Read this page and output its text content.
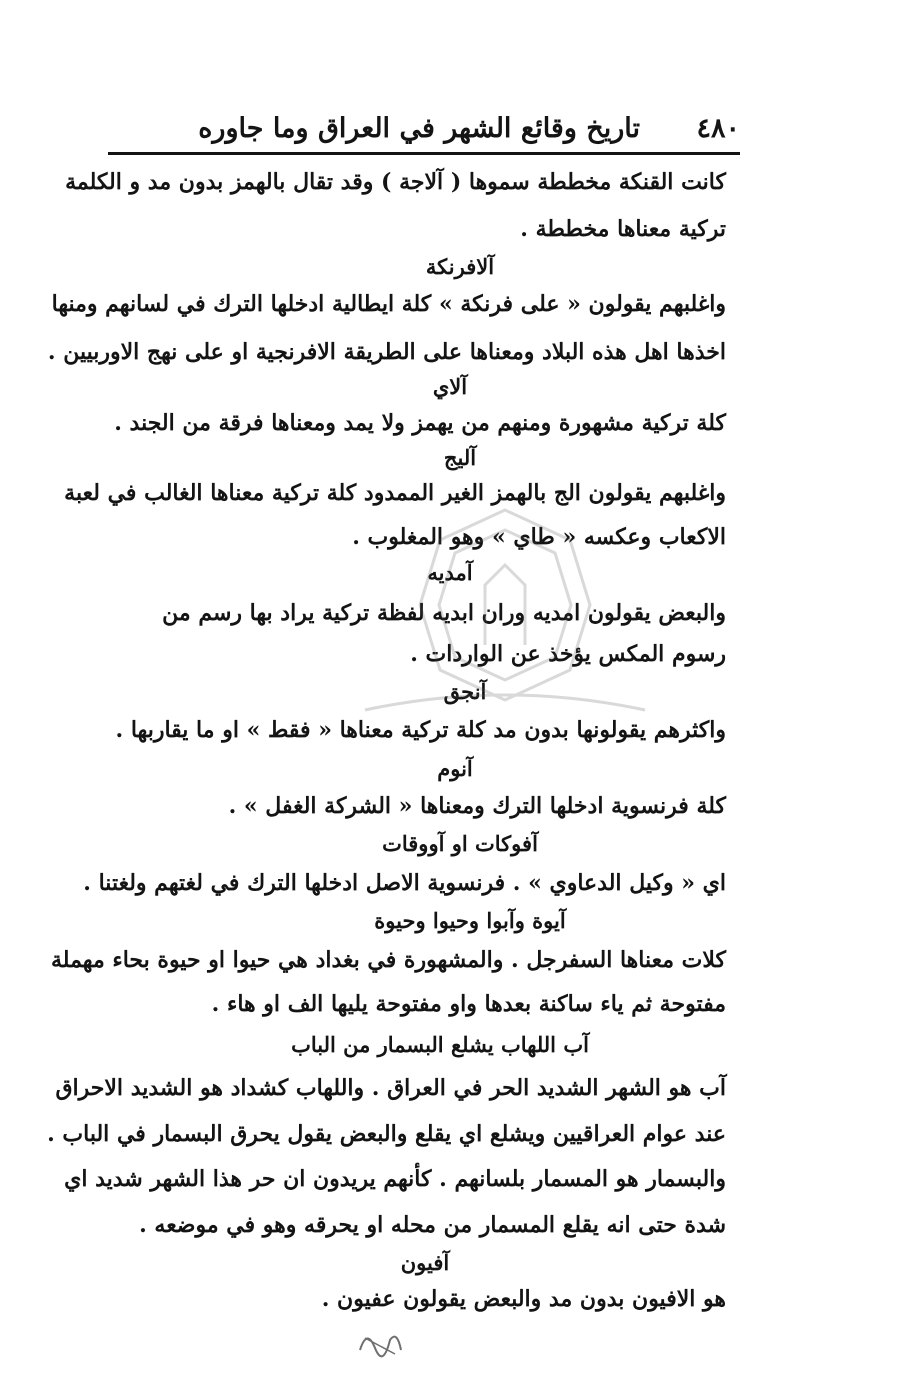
٤٨٠
تاريخ وقائع الشهر في العراق وما جاوره
كانت القنكة مخططة سموها ( آلاجة ) وقد تقال بالهمز بدون مد و الكلمة
تركية معناها مخططة .
آلافرنكة
واغلبهم يقولون « على فرنكة » كلة ايطالية ادخلها الترك في لسانهم ومنها
اخذها اهل هذه البلاد ومعناها على الطريقة الافرنجية او على نهج الاوربيين .
آلاي
كلة تركية مشهورة ومنهم من يهمز ولا يمد ومعناها فرقة من الجند .
آليج
واغلبهم يقولون الج بالهمز الغير الممدود كلة تركية معناها الغالب في لعبة
الاكعاب وعكسه « طاي » وهو المغلوب .
آمديه
والبعض يقولون امديه وران ابديه لفظة تركية يراد بها رسم من
رسوم المكس يؤخذ عن الواردات .
آنجق
واكثرهم يقولونها بدون مد كلة تركية معناها « فقط » او ما يقاربها .
آنوم
كلة فرنسوية ادخلها الترك ومعناها « الشركة الغفل » .
آفوكات او آووقات
اي « وكيل الدعاوي » . فرنسوية الاصل ادخلها الترك في لغتهم ولغتنا .
آيوة وآبوا وحيوا وحيوة
كلات معناها السفرجل . والمشهورة في بغداد هي حيوا او حيوة بحاء مهملة
مفتوحة ثم ياء ساكنة بعدها واو مفتوحة يليها الف او هاء .
آب اللهاب يشلع البسمار من الباب
آب هو الشهر الشديد الحر في العراق . واللهاب كشداد هو الشديد الاحراق
عند عوام العراقيين ويشلع اي يقلع والبعض يقول يحرق البسمار في الباب .
والبسمار هو المسمار بلسانهم . كأنهم يريدون ان حر هذا الشهر شديد اي
شدة حتى انه يقلع المسمار من محله او يحرقه وهو في موضعه .
آفيون
هو الافيون بدون مد والبعض يقولون عفيون .
